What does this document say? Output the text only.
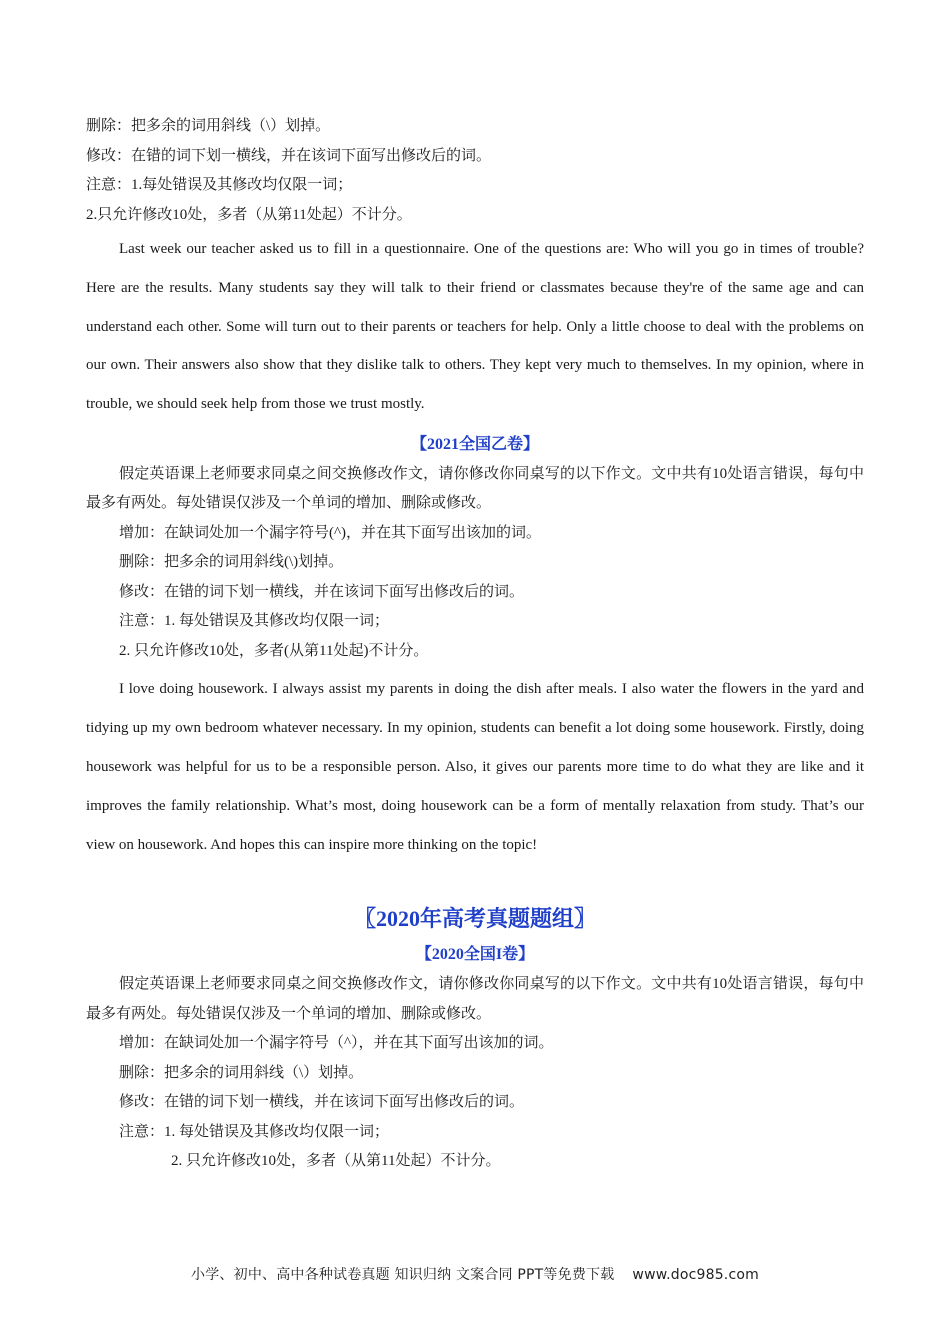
删除：把多余的词用斜线（\）划掉。
修改：在错的词下划一横线，并在该词下面写出修改后的词。
注意：1.每处错误及其修改均仅限一词；
2.只允许修改10处，多者（从第11处起）不计分。

Last week our teacher asked us to fill in a questionnaire. One of the questions are: Who will you go in times of trouble? Here are the results. Many students say they will talk to their friend or classmates because they're of the same age and can understand each other. Some will turn out to their parents or teachers for help. Only a little choose to deal with the problems on our own. Their answers also show that they dislike talk to others. They kept very much to themselves. In my opinion, where in trouble, we should seek help from those we trust mostly.

【2021全国乙卷】

假定英语课上老师要求同桌之间交换修改作文，请你修改你同桌写的以下作文。文中共有10处语言错误，每句中最多有两处。每处错误仅涉及一个单词的增加、删除或修改。

增加：在缺词处加一个漏字符号(^)，并在其下面写出该加的词。
删除：把多余的词用斜线(\)划掉。
修改：在错的词下划一横线，并在该词下面写出修改后的词。
注意：1. 每处错误及其修改均仅限一词；
2. 只允许修改10处，多者(从第11处起)不计分。

I love doing housework. I always assist my parents in doing the dish after meals. I also water the flowers in the yard and tidying up my own bedroom whatever necessary. In my opinion, students can benefit a lot doing some housework. Firstly, doing housework was helpful for us to be a responsible person. Also, it gives our parents more time to do what they are like and it improves the family relationship. What’s most, doing housework can be a form of mentally relaxation from study. That’s our view on housework. And hopes this can inspire more thinking on the topic!

〖2020年高考真题题组〗
【2020全国I卷】

假定英语课上老师要求同桌之间交换修改作文，请你修改你同桌写的以下作文。文中共有10处语言错误，每句中最多有两处。每处错误仅涉及一个单词的增加、删除或修改。

增加：在缺词处加一个漏字符号（^），并在其下面写出该加的词。
删除：把多余的词用斜线（\）划掉。
修改：在错的词下划一横线，并在该词下面写出修改后的词。
注意：1. 每处错误及其修改均仅限一词；
2. 只允许修改10处，多者（从第11处起）不计分。
小学、初中、高中各种试卷真题 知识归纳 文案合同 PPT等免费下载 www.doc985.com
